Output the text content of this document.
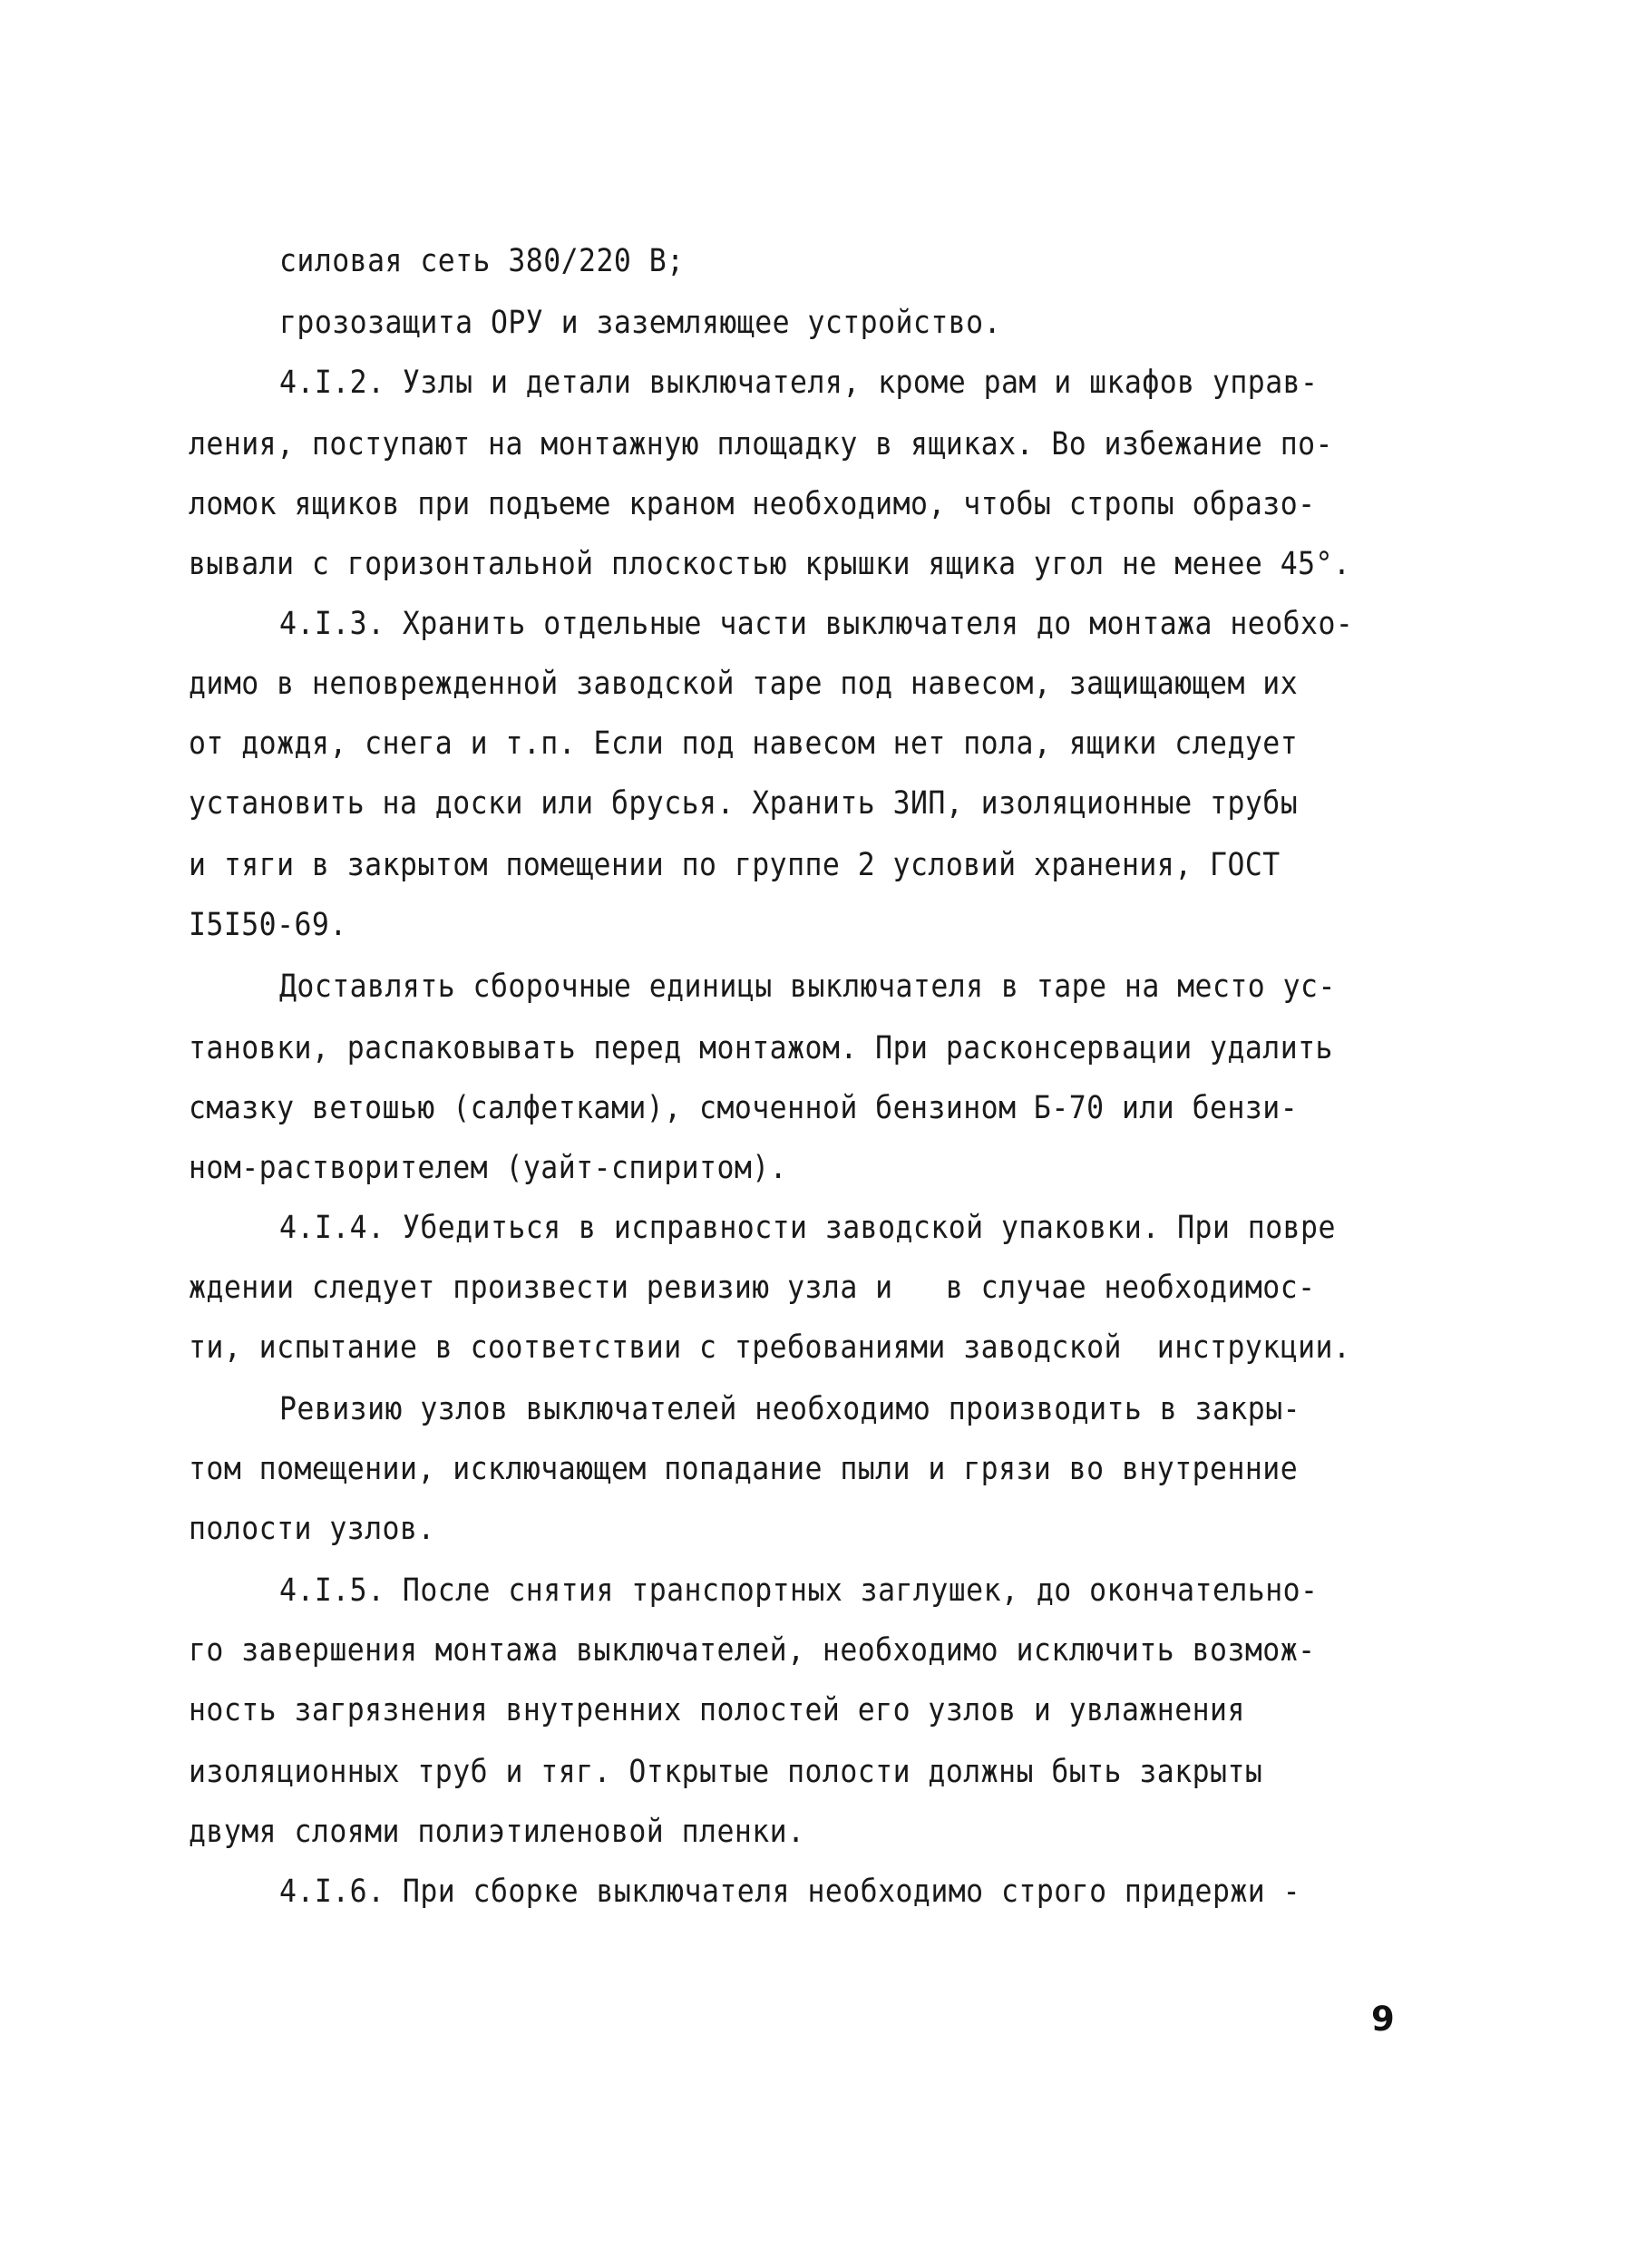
силовая сеть 380/220 В;
грозозащита ОРУ и заземляющее устройство.
4.I.2. Узлы и детали выключателя, кроме рам и шкафов управ-
ления, поступают на монтажную площадку в ящиках. Во избежание по-
ломок ящиков при подъеме краном необходимо, чтобы стропы образо-
вывали с горизонтальной плоскостью крышки ящика угол не менее 45°.
4.I.3. Хранить отдельные части выключателя до монтажа необхо-
димо в неповрежденной заводской таре под навесом, защищающем их
от дождя, снега и т.п. Если под навесом нет пола, ящики следует
установить на доски или брусья. Хранить ЗИП, изоляционные трубы
и тяги в закрытом помещении по группе 2 условий хранения, ГОСТ
I5I50-69.
Доставлять сборочные единицы выключателя в таре на место ус-
тановки, распаковывать перед монтажом. При расконсервации удалить
смазку ветошью (салфетками), смоченной бензином Б-70 или бензи-
ном-растворителем (уайт-спиритом).
4.I.4. Убедиться в исправности заводской упаковки. При повре
ждении следует произвести ревизию узла и   в случае необходимос-
ти, испытание в соответствии с требованиями заводской  инструкции.
Ревизию узлов выключателей необходимо производить в закры-
том помещении, исключающем попадание пыли и грязи во внутренние
полости узлов.
4.I.5. После снятия транспортных заглушек, до окончательно-
го завершения монтажа выключателей, необходимо исключить возмож-
ность загрязнения внутренних полостей его узлов и увлажнения
изоляционных труб и тяг. Открытые полости должны быть закрыты
двумя слоями полиэтиленовой пленки.
4.I.6. При сборке выключателя необходимо строго придержи -
9
